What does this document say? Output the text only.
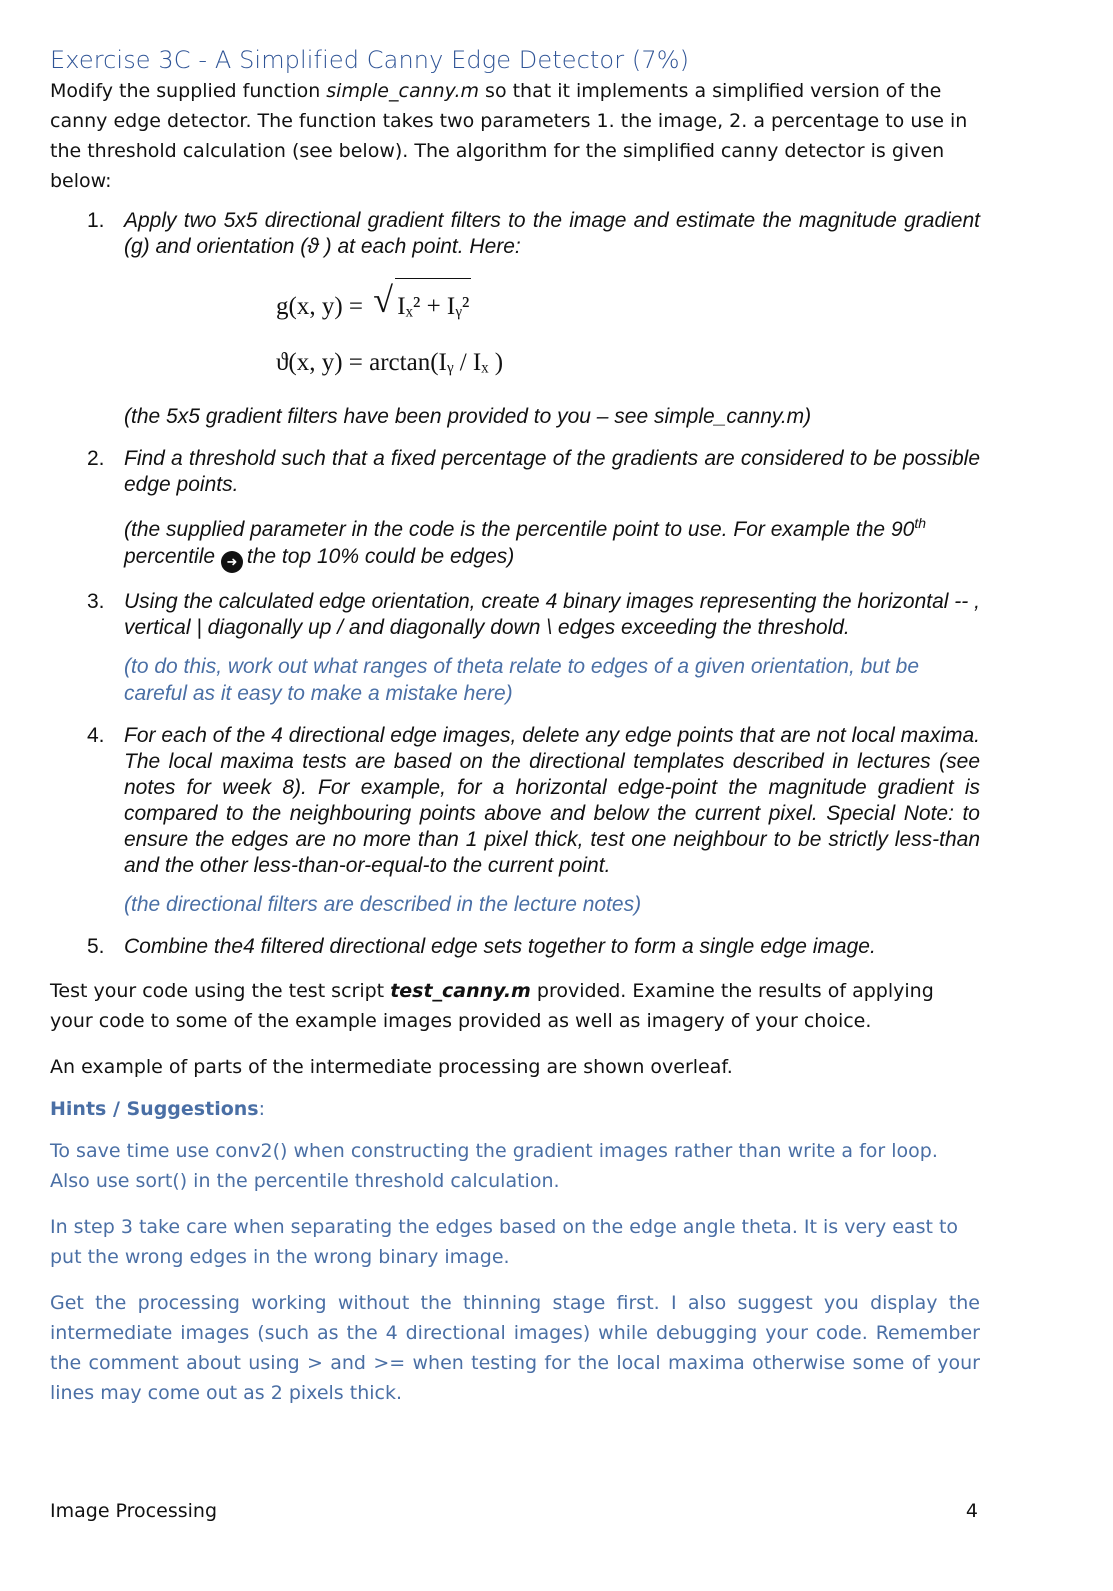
Exercise 3C - A Simplified Canny Edge Detector (7%)

Modify the supplied function simple_canny.m so that it implements a simplified version of the canny edge detector. The function takes two parameters 1. the image, 2. a percentage to use in the threshold calculation (see below). The algorithm for the simplified canny detector is given below:

1. Apply two 5x5 directional gradient filters to the image and estimate the magnitude gradient (g) and orientation (ϑ ) at each point. Here:

g(x, y) = √ Iₓ² + Iᵧ²
ϑ(x, y) = arctan(Iᵧ / Iₓ )

(the 5x5 gradient filters have been provided to you – see simple_canny.m)

2. Find a threshold such that a fixed percentage of the gradients are considered to be possible edge points.

(the supplied parameter in the code is the percentile point to use. For example the 90th
percentile ➜ the top 10% could be edges)

3. Using the calculated edge orientation, create 4 binary images representing the horizontal -- , vertical | diagonally up / and diagonally down \ edges exceeding the threshold.

(to do this, work out what ranges of theta relate to edges of a given orientation, but be careful as it easy to make a mistake here)

4. For each of the 4 directional edge images, delete any edge points that are not local maxima. The local maxima tests are based on the directional templates described in lectures (see notes for week 8). For example, for a horizontal edge-point the magnitude gradient is compared to the neighbouring points above and below the current pixel. Special Note: to ensure the edges are no more than 1 pixel thick, test one neighbour to be strictly less-than and the other less-than-or-equal-to the current point.

(the directional filters are described in the lecture notes)

5. Combine the4 filtered directional edge sets together to form a single edge image.

Test your code using the test script test_canny.m provided. Examine the results of applying your code to some of the example images provided as well as imagery of your choice.

An example of parts of the intermediate processing are shown overleaf.

Hints / Suggestions:

To save time use conv2() when constructing the gradient images rather than write a for loop. Also use sort() in the percentile threshold calculation.

In step 3 take care when separating the edges based on the edge angle theta. It is very east to put the wrong edges in the wrong binary image.

Get the processing working without the thinning stage first. I also suggest you display the intermediate images (such as the 4 directional images) while debugging your code. Remember the comment about using > and >= when testing for the local maxima otherwise some of your lines may come out as 2 pixels thick.

Image Processing	4
